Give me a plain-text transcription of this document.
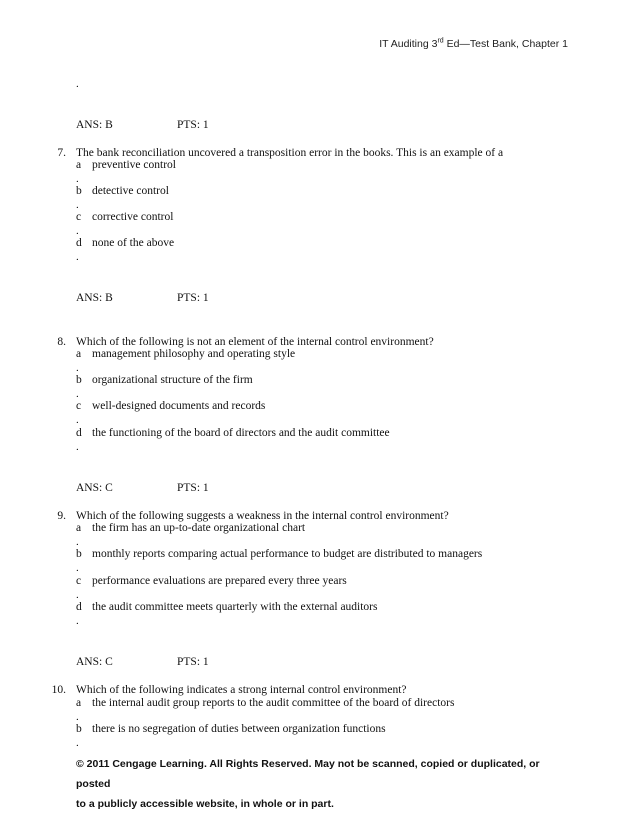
IT Auditing 3rd Ed—Test Bank, Chapter 1
.
ANS: B	PTS: 1
7. The bank reconciliation uncovered a transposition error in the books. This is an example of a
a preventive control
.
b detective control
.
c corrective control
.
d none of the above
.
ANS: B	PTS: 1
8. Which of the following is not an element of the internal control environment?
a management philosophy and operating style
.
b organizational structure of the firm
.
c well-designed documents and records
.
d the functioning of the board of directors and the audit committee
.
ANS: C	PTS: 1
9. Which of the following suggests a weakness in the internal control environment?
a the firm has an up-to-date organizational chart
.
b monthly reports comparing actual performance to budget are distributed to managers
.
c performance evaluations are prepared every three years
.
d the audit committee meets quarterly with the external auditors
.
ANS: C	PTS: 1
10. Which of the following indicates a strong internal control environment?
a the internal audit group reports to the audit committee of the board of directors
.
b there is no segregation of duties between organization functions
.
© 2011 Cengage Learning. All Rights Reserved. May not be scanned, copied or duplicated, or posted
to a publicly accessible website, in whole or in part.
